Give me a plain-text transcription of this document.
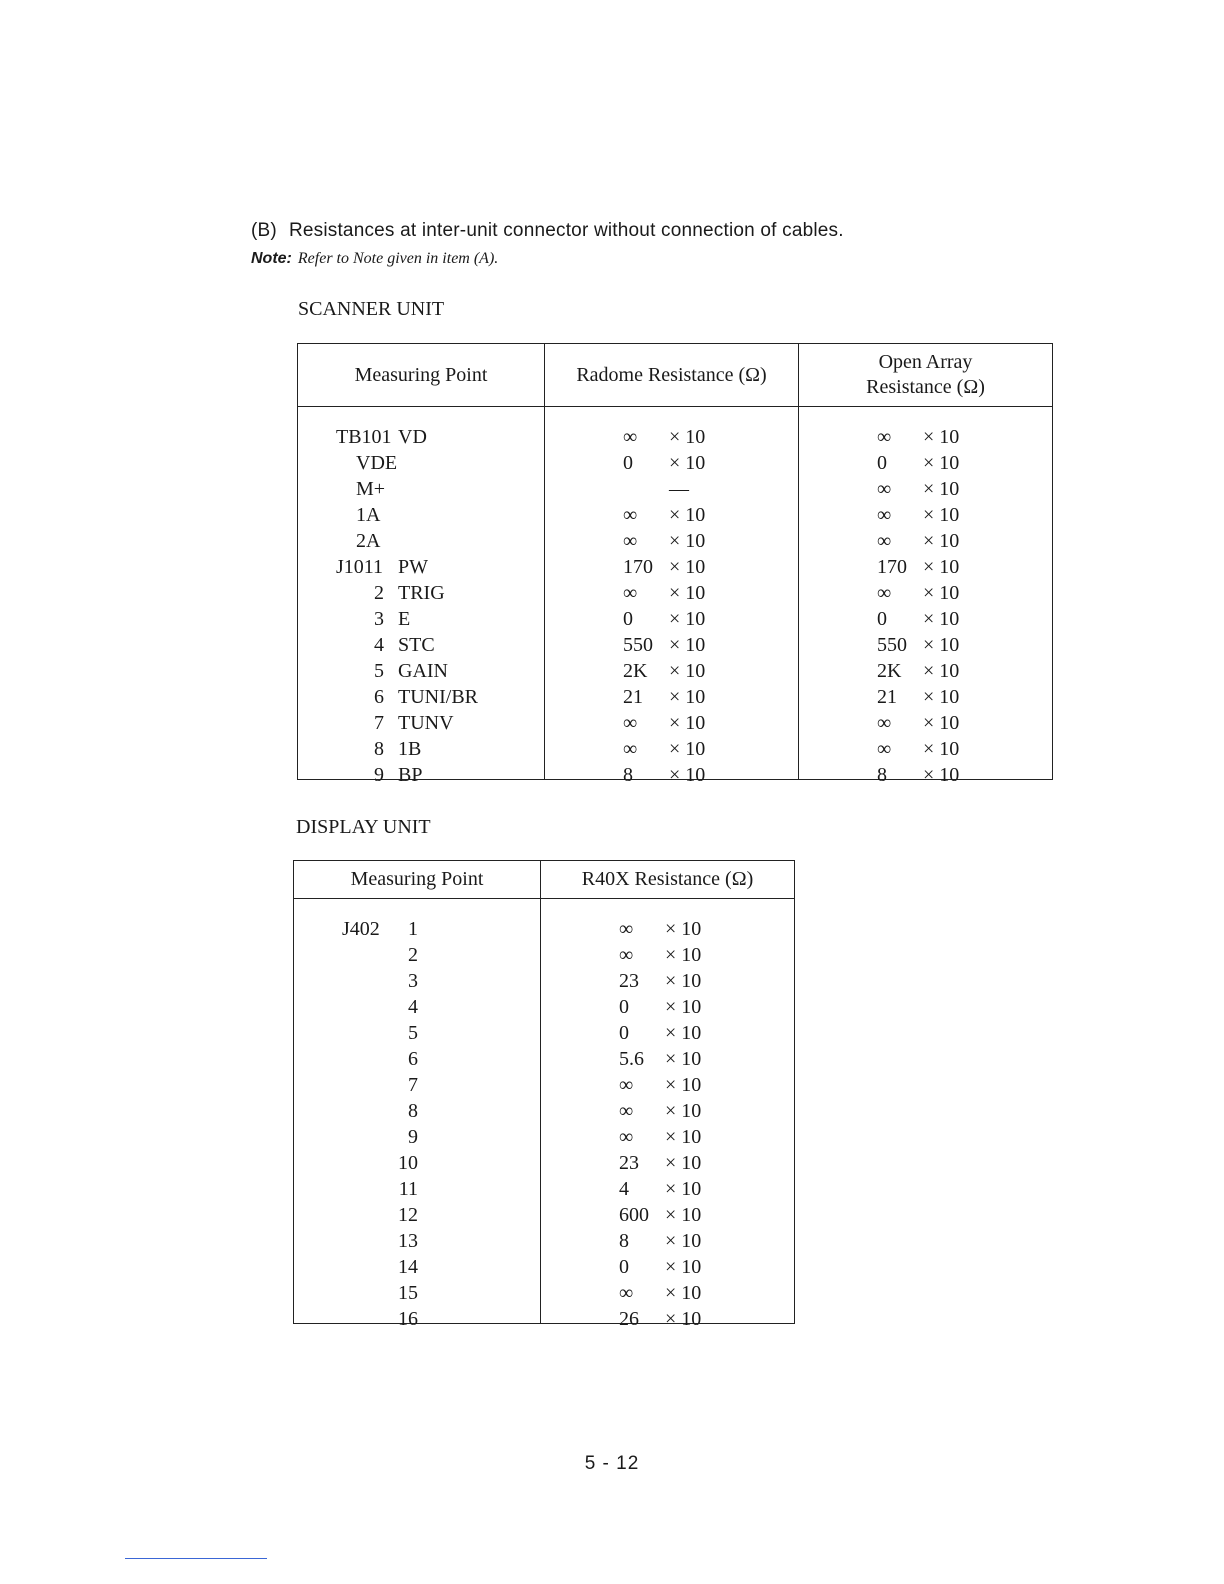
(B) Resistances at inter-unit connector without connection of cables.
Note: Refer to Note given in item (A).
SCANNER UNIT
Measuring Point	Radome Resistance (Ω)	Open Array
Resistance (Ω)

TB101 VD	∞ × 10	∞ × 10

VDE	0 × 10	0 × 10

M+	—	∞ × 10

1A	∞ × 10	∞ × 10

2A	∞ × 10	∞ × 10

J1011 PW	170 × 10	170 × 10

2 TRIG	∞ × 10	∞ × 10

3 E	0 × 10	0 × 10

4 STC	550 × 10	550 × 10

5 GAIN	2K × 10	2K × 10

6 TUNI/BR	21 × 10	21 × 10

7 TUNV	∞ × 10	∞ × 10

8 1B	∞ × 10	∞ × 10

9 BP	8 × 10	8 × 10
DISPLAY UNIT
Measuring Point	R40X Resistance (Ω)

J402 1	∞ × 10

2	∞ × 10

3	23 × 10

4	0 × 10

5	0 × 10

6	5.6 × 10

7	∞ × 10

8	∞ × 10

9	∞ × 10

10	23 × 10

11	4 × 10

12	600 × 10

13	8 × 10

14	0 × 10

15	∞ × 10

16	26 × 10
5 - 12
